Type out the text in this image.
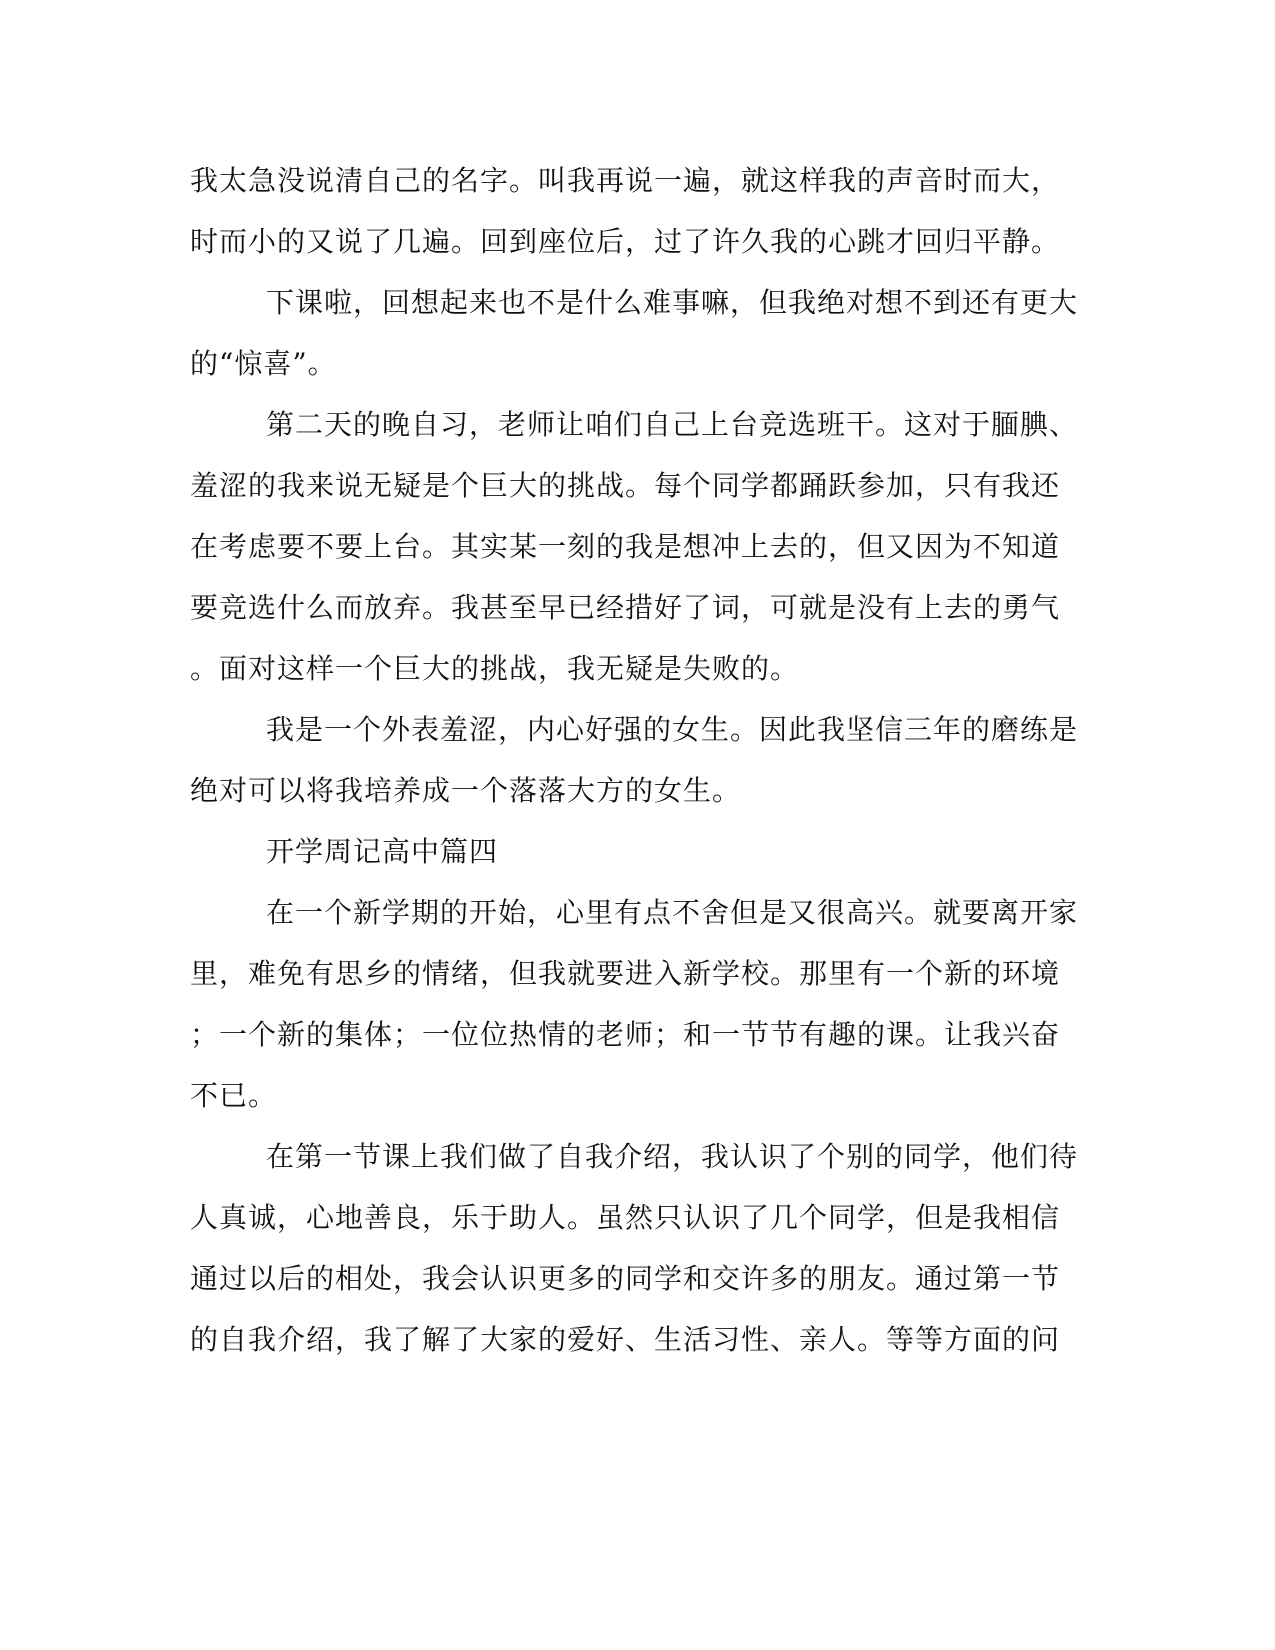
我太急没说清自己的名字。叫我再说一遍，就这样我的声音时而大，
时而小的又说了几遍。回到座位后，过了许久我的心跳才回归平静。
下课啦，回想起来也不是什么难事嘛，但我绝对想不到还有更大
的“惊喜”。
第二天的晚自习，老师让咱们自己上台竞选班干。这对于腼腆、
羞涩的我来说无疑是个巨大的挑战。每个同学都踊跃参加，只有我还
在考虑要不要上台。其实某一刻的我是想冲上去的，但又因为不知道
要竞选什么而放弃。我甚至早已经措好了词，可就是没有上去的勇气
。面对这样一个巨大的挑战，我无疑是失败的。
我是一个外表羞涩，内心好强的女生。因此我坚信三年的磨练是
绝对可以将我培养成一个落落大方的女生。
开学周记高中篇四
在一个新学期的开始，心里有点不舍但是又很高兴。就要离开家
里，难免有思乡的情绪，但我就要进入新学校。那里有一个新的环境
；一个新的集体；一位位热情的老师；和一节节有趣的课。让我兴奋
不已。
在第一节课上我们做了自我介绍，我认识了个别的同学，他们待
人真诚，心地善良，乐于助人。虽然只认识了几个同学，但是我相信
通过以后的相处，我会认识更多的同学和交许多的朋友。通过第一节
的自我介绍，我了解了大家的爱好、生活习性、亲人。等等方面的问
